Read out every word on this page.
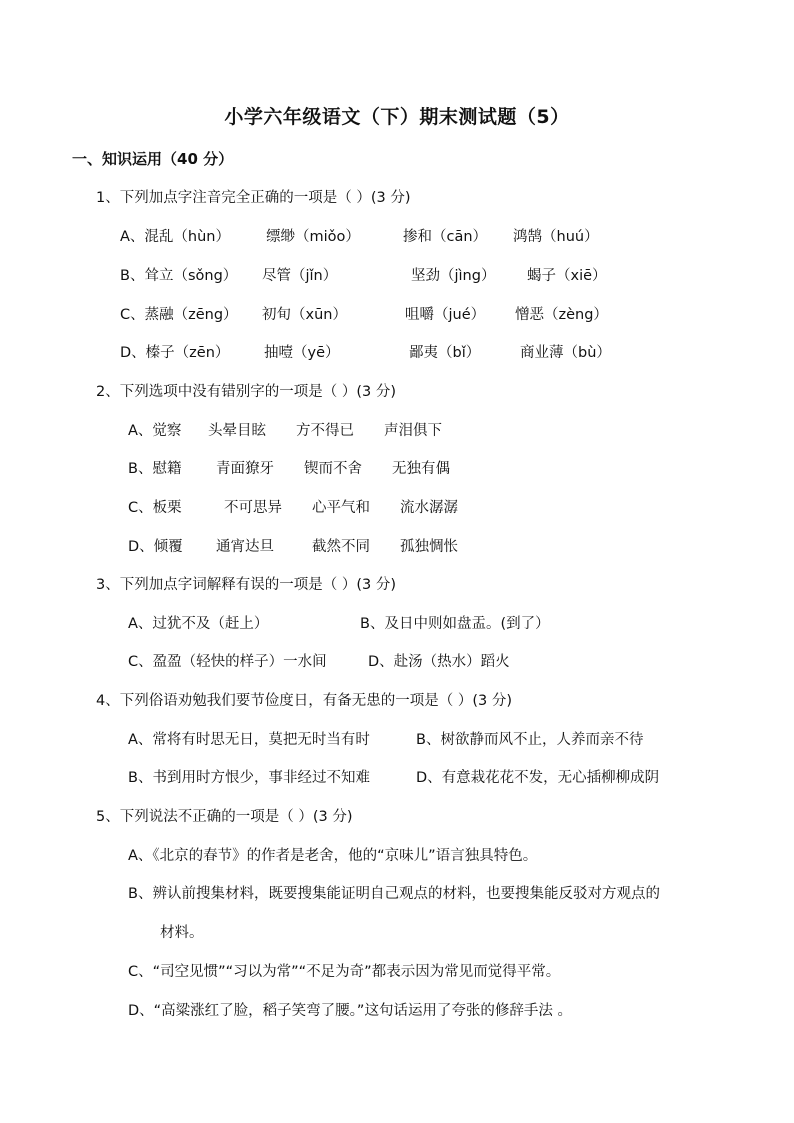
小学六年级语文（下）期末测试题（5）
一、知识运用（40 分）
1、下列加点字注音完全正确的一项是（ ）(3 分)
A、混乱（hùn） 缥缈（miǒo）	掺和（cān） 鸿鹄（huú）
B、耸立（sǒng） 尽管（jǐn）	坚劲（jìng） 蝎子（xiē）
C、蒸融（zēng） 初旬（xūn）	咀嚼（jué） 憎恶（zèng）
D、榛子（zēn） 抽噎（yē）	鄙夷（bǐ）	商业薄（bù）
2、下列选项中没有错别字的一项是（ ）(3 分)
A、觉察 头晕目眩 方不得已 声泪俱下
B、慰籍 青面獠牙 锲而不舍 无独有偶
C、板栗	不可思异 心平气和 流水潺潺
D、倾覆 通宵达旦	截然不同 孤独惆怅
3、下列加点字词解释有误的一项是（ ）(3 分)
A、过犹不及（赶上）	B、及日中则如盘盂。(到了）
C、盈盈（轻快的样子）一水间	D、赴汤（热水）蹈火
4、下列俗语劝勉我们要节俭度日，有备无患的一项是（ ）(3 分)
A、常将有时思无日，莫把无时当有时	B、树欲静而风不止，人养而亲不待
B、书到用时方恨少，事非经过不知难	D、有意栽花花不发，无心插柳柳成阴
5、下列说法不正确的一项是（ ）(3 分)
A、《北京的春节》的作者是老舍，他的“京味儿”语言独具特色。
B、辨认前搜集材料，既要搜集能证明自己观点的材料，也要搜集能反驳对方观点的
材料。
C、“司空见惯”“习以为常”“不足为奇”都表示因为常见而觉得平常。
D、“高粱涨红了脸，稻子笑弯了腰。”这句话运用了夸张的修辞手法 。
